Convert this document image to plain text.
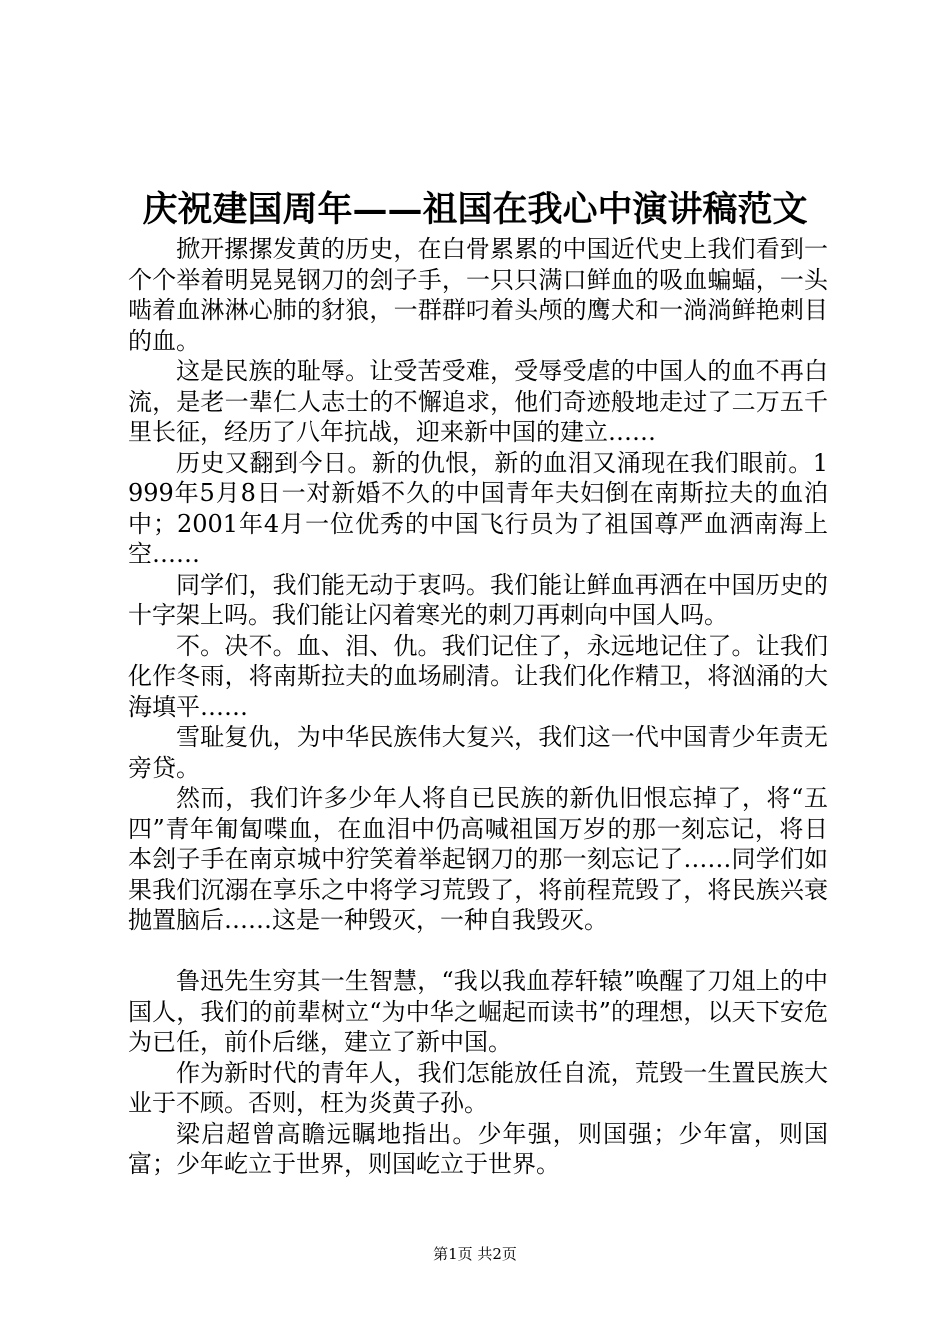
庆祝建国周年——祖国在我心中演讲稿范文

掀开摞摞发黄的历史，在白骨累累的中国近代史上我们看到一个个举着明晃晃钢刀的刽子手，一只只满口鲜血的吸血蝙蝠，一头啮着血淋淋心肺的豺狼，一群群叼着头颅的鹰犬和一淌淌鲜艳刺目的血。

这是民族的耻辱。让受苦受难，受辱受虐的中国人的血不再白流，是老一辈仁人志士的不懈追求，他们奇迹般地走过了二万五千里长征，经历了八年抗战，迎来新中国的建立……

历史又翻到今日。新的仇恨，新的血泪又涌现在我们眼前。1999年5月8日一对新婚不久的中国青年夫妇倒在南斯拉夫的血泊中；2001年4月一位优秀的中国飞行员为了祖国尊严血洒南海上空……

同学们，我们能无动于衷吗。我们能让鲜血再洒在中国历史的十字架上吗。我们能让闪着寒光的刺刀再刺向中国人吗。

不。决不。血、泪、仇。我们记住了，永远地记住了。让我们化作冬雨，将南斯拉夫的血场刷清。让我们化作精卫，将汹涌的大海填平……

雪耻复仇，为中华民族伟大复兴，我们这一代中国青少年责无旁贷。

然而，我们许多少年人将自已民族的新仇旧恨忘掉了，将“五四”青年匍匐喋血，在血泪中仍高喊祖国万岁的那一刻忘记，将日本刽子手在南京城中狞笑着举起钢刀的那一刻忘记了……同学们如果我们沉溺在享乐之中将学习荒毁了，将前程荒毁了，将民族兴衰抛置脑后……这是一种毁灭，一种自我毁灭。

鲁迅先生穷其一生智慧，“我以我血荐轩辕”唤醒了刀俎上的中国人，我们的前辈树立“为中华之崛起而读书”的理想，以天下安危为已任，前仆后继，建立了新中国。

作为新时代的青年人，我们怎能放任自流，荒毁一生置民族大业于不顾。否则，枉为炎黄子孙。

梁启超曾高瞻远瞩地指出。少年强，则国强；少年富，则国富；少年屹立于世界，则国屹立于世界。

第1页 共2页
